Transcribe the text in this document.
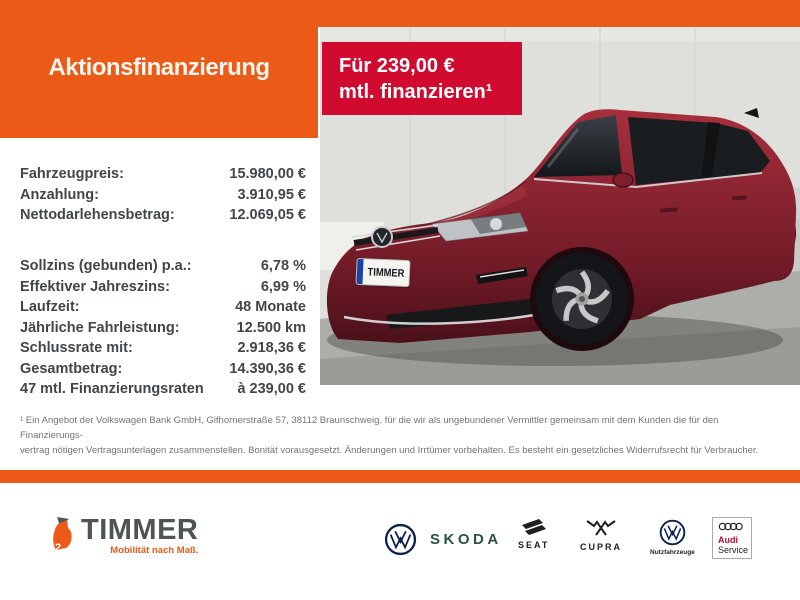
Aktionsfinanzierung
TIMMER
Für 239,00 €
mtl. finanzieren¹
Fahrzeugpreis:	15.980,00 €
Anzahlung:	3.910,95 €
Nettodarlehensbetrag:	12.069,05 €
Sollzins (gebunden) p.a.:	6,78 %
Effektiver Jahreszins:	6,99 %
Laufzeit:	48 Monate
Jährliche Fahrleistung:	12.500 km
Schlussrate mit:	2.918,36 €
Gesamtbetrag:	14.390,36 €
47 mtl. Finanzierungsraten à 239,00 €
¹ Ein Angebot der Volkswagen Bank GmbH, Gifhornerstraße 57, 38112 Braunschweig, für die wir als ungebundener Vermittler gemeinsam mit dem Kunden die für den Finanzierungs-
vertrag nötigen Vertragsunterlagen zusammenstellen. Bonität vorausgesetzt. Änderungen und Irrtümer vorbehalten. Es besteht ein gesetzliches Widerrufsrecht für Verbraucher.
2
TIMMER
Mobilität nach Maß.
SKODA SEAT	CUPRA
Nutzfahrzeuge
Audi
Service
